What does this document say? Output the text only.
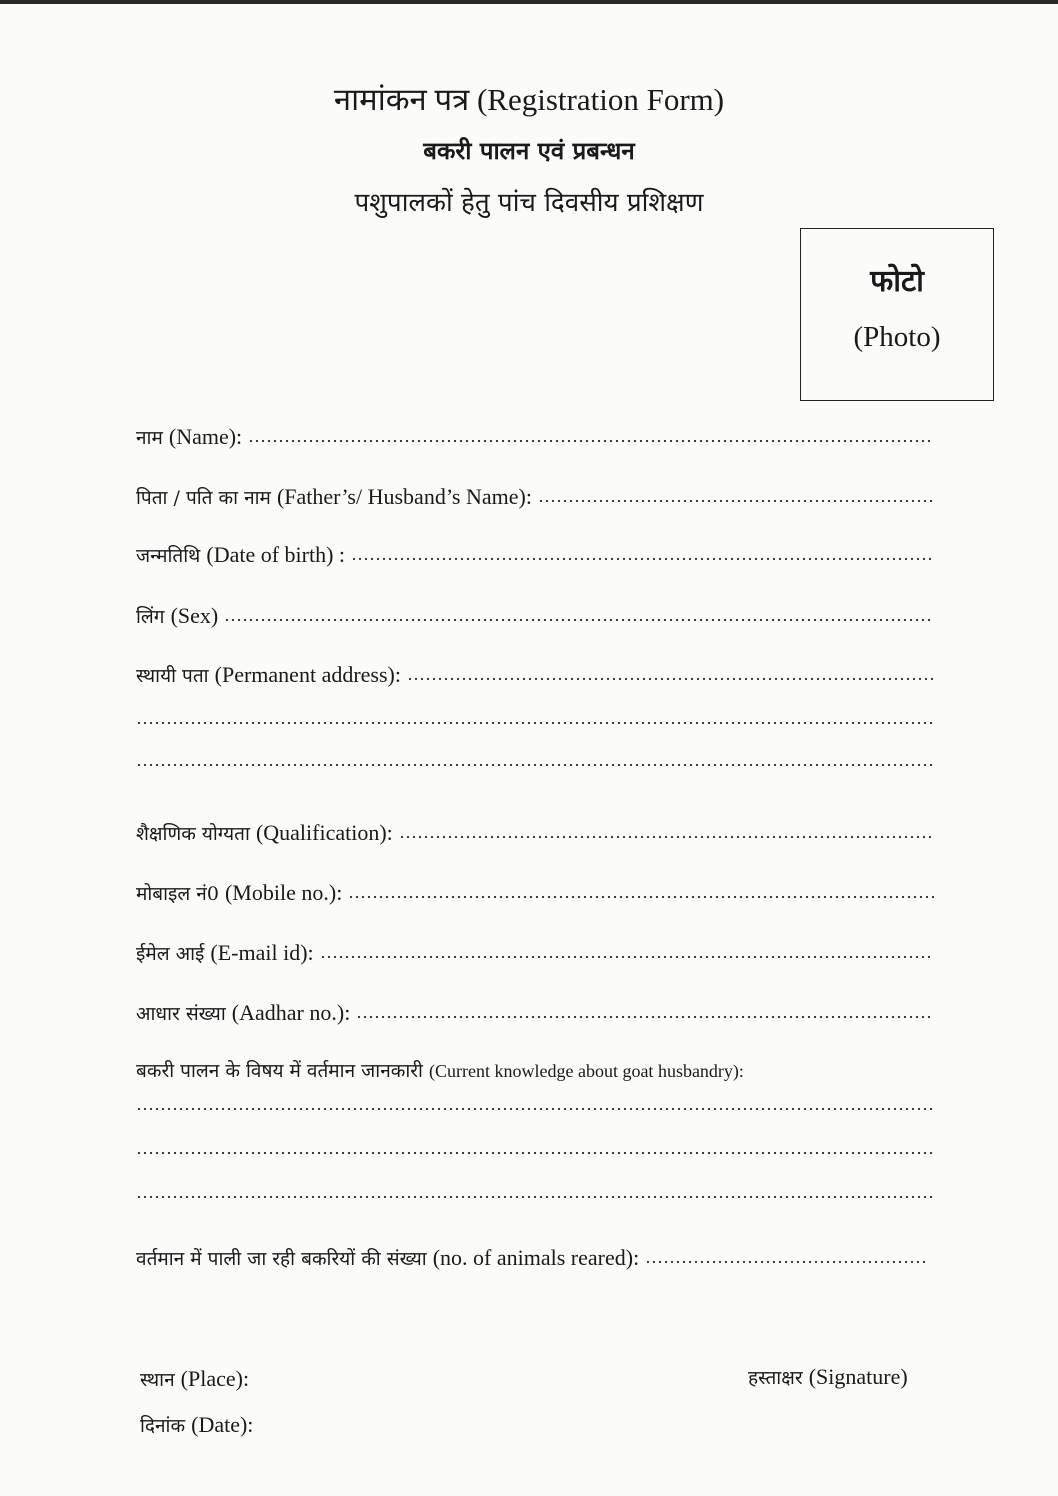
नामांकन पत्र (Registration Form)
बकरी पालन एवं प्रबन्धन
पशुपालकों हेतु पांच दिवसीय प्रशिक्षण
फोटो
(Photo)
नाम (Name):
पिता / पति का नाम (Father’s/ Husband’s Name):
जन्मतिथि (Date of birth) :
लिंग (Sex)
स्थायी पता (Permanent address):
शैक्षणिक योग्यता (Qualification):
मोबाइल नं0 (Mobile no.):
ईमेल आई (E-mail id):
आधार संख्या (Aadhar no.):
बकरी पालन के विषय में वर्तमान जानकारी (Current knowledge about goat husbandry):
वर्तमान में पाली जा रही बकरियों की संख्या (no. of animals reared):
स्थान (Place):
दिनांक (Date):
हस्ताक्षर (Signature)
